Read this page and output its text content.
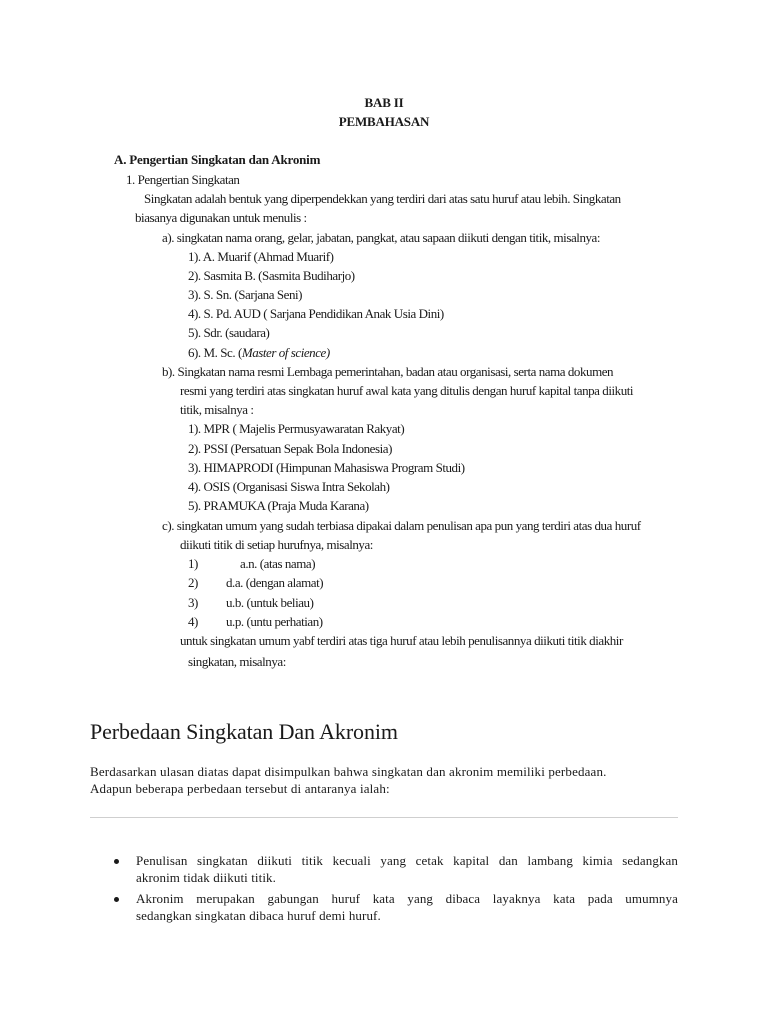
BAB II
PEMBAHASAN
A. Pengertian Singkatan dan Akronim
1. Pengertian Singkatan
Singkatan adalah bentuk yang diperpendekkan yang terdiri dari atas satu huruf atau lebih. Singkatan
biasanya digunakan untuk menulis :
a). singkatan nama orang, gelar, jabatan, pangkat, atau sapaan diikuti dengan titik, misalnya:
1). A. Muarif (Ahmad Muarif)
2). Sasmita B. (Sasmita Budiharjo)
3). S. Sn. (Sarjana Seni)
4). S. Pd. AUD ( Sarjana Pendidikan Anak Usia Dini)
5). Sdr. (saudara)
6). M. Sc. (Master of science)
b). Singkatan nama resmi Lembaga pemerintahan, badan atau organisasi, serta nama dokumen
resmi yang terdiri atas singkatan huruf awal kata yang ditulis dengan huruf kapital tanpa diikuti
titik, misalnya :
1). MPR ( Majelis Permusyawaratan Rakyat)
2). PSSI (Persatuan Sepak Bola Indonesia)
3). HIMAPRODI (Himpunan Mahasiswa Program Studi)
4). OSIS (Organisasi Siswa Intra Sekolah)
5). PRAMUKA (Praja Muda Karana)
c). singkatan umum yang sudah terbiasa dipakai dalam penulisan apa pun yang terdiri atas dua huruf
diikuti titik di setiap hurufnya, misalnya:
1)	a.n. (atas nama)
2) d.a. (dengan alamat)
3) u.b. (untuk beliau)
4) u.p. (untu perhatian)
untuk singkatan umum yabf terdiri atas tiga huruf atau lebih penulisannya diikuti titik diakhir
singkatan, misalnya:
Perbedaan Singkatan Dan Akronim
Berdasarkan ulasan diatas dapat disimpulkan bahwa singkatan dan akronim memiliki perbedaan.
Adapun beberapa perbedaan tersebut di antaranya ialah:
Penulisan singkatan diikuti titik kecuali yang cetak kapital dan lambang kimia sedangkan
akronim tidak diikuti titik.
Akronim merupakan gabungan huruf kata yang dibaca layaknya kata pada umumnya
sedangkan singkatan dibaca huruf demi huruf.
